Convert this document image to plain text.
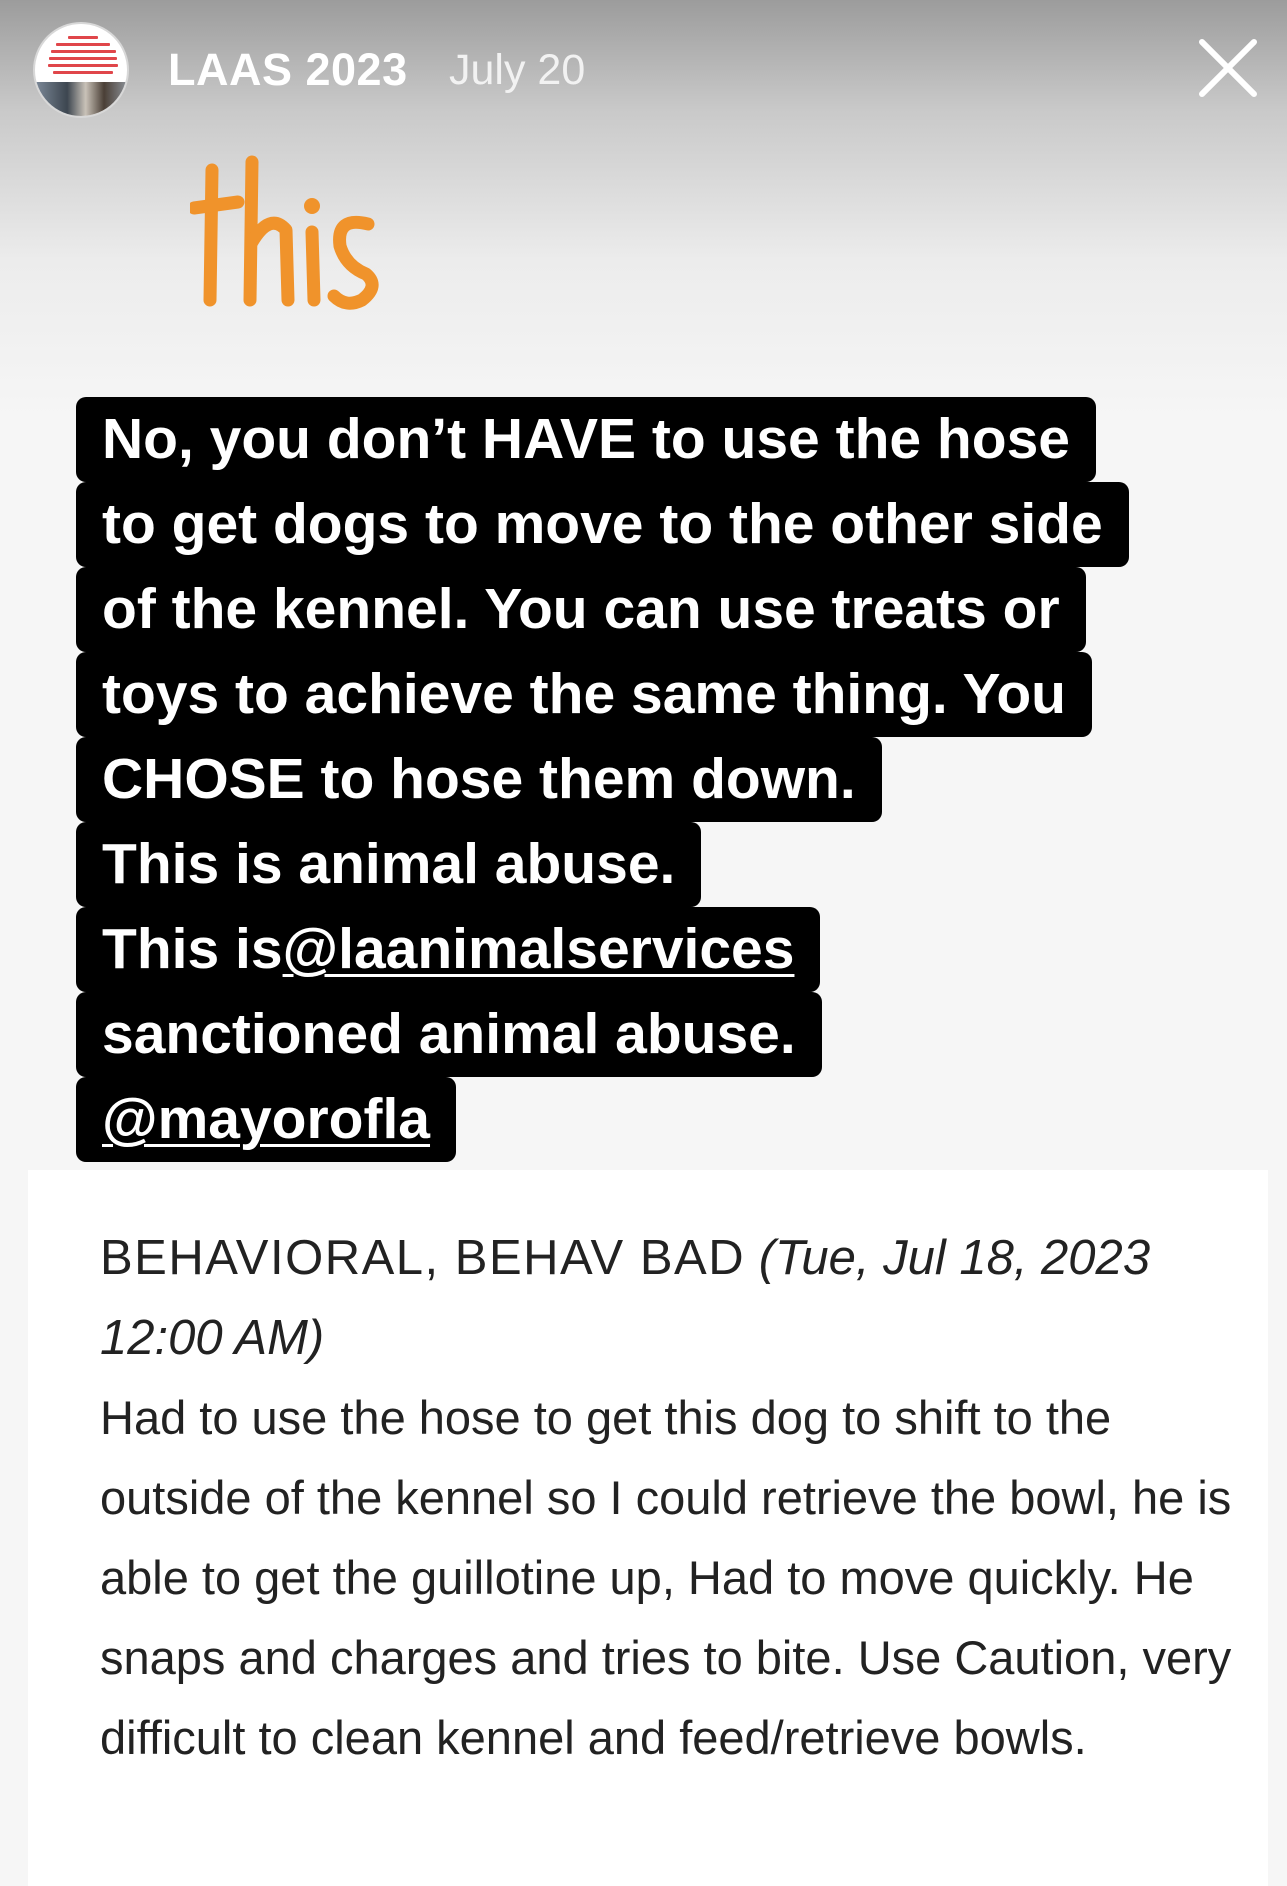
LAAS 2023 July 20
No, you don’t HAVE to use the hose
to get dogs to move to the other side
of the kennel. You can use treats or
toys to achieve the same thing. You
CHOSE to hose them down.
This is animal abuse.
This is@laanimalservices
sanctioned animal abuse.
@mayorofla
BEHAVIORAL, BEHAV BAD (Tue, Jul 18, 2023 12:00 AM)
Had to use the hose to get this dog to shift to the outside of the kennel so I could retrieve the bowl, he is able to get the guillotine up, Had to move quickly. He snaps and charges and tries to bite. Use Caution, very difficult to clean kennel and feed/retrieve bowls.
